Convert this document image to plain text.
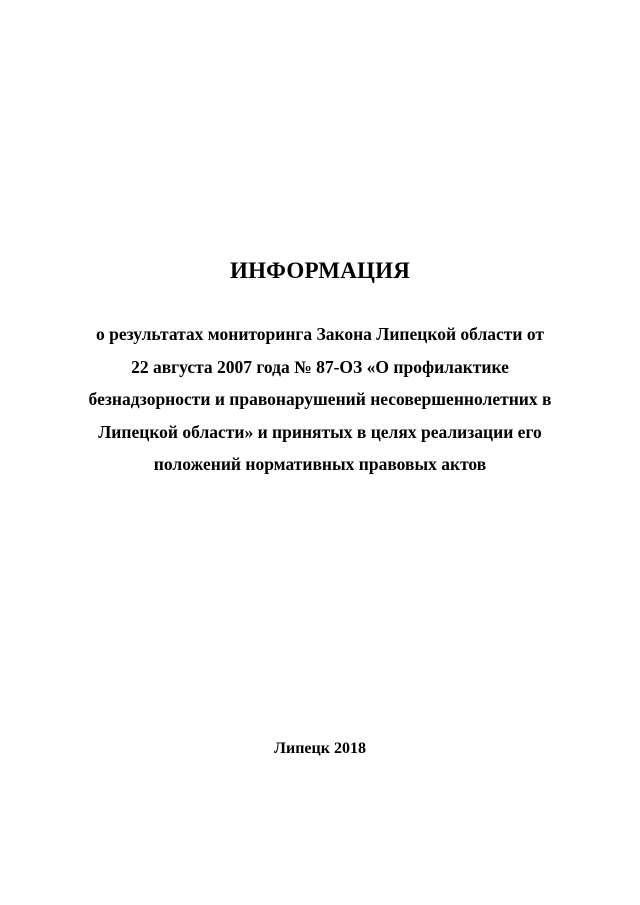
ИНФОРМАЦИЯ
о результатах мониторинга Закона Липецкой области от
22 августа 2007 года № 87-ОЗ «О профилактике
безнадзорности и правонарушений несовершеннолетних в
Липецкой области» и принятых в целях реализации его
положений нормативных правовых актов
Липецк 2018
